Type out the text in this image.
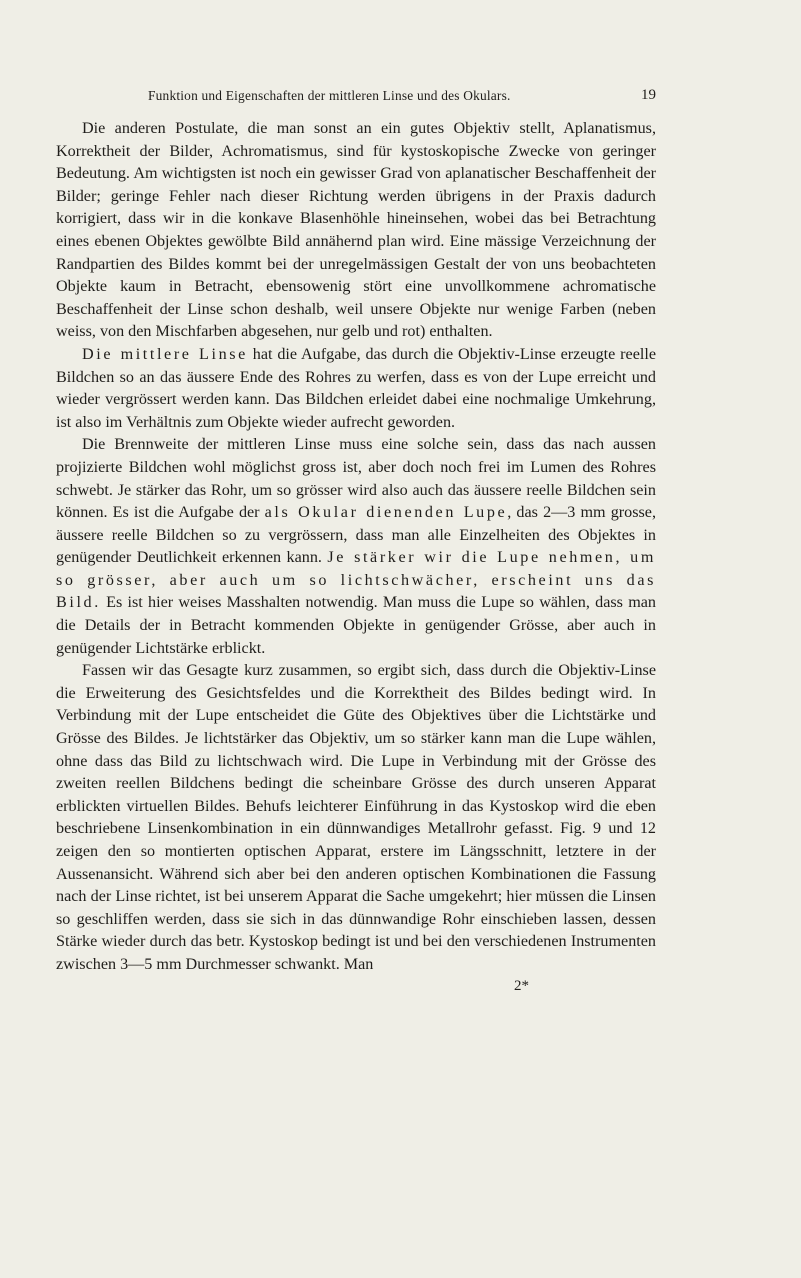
Funktion und Eigenschaften der mittleren Linse und des Okulars.	19

Die anderen Postulate, die man sonst an ein gutes Objektiv stellt, Aplanatismus, Korrektheit der Bilder, Achromatismus, sind für kystoskopische Zwecke von geringer Bedeutung. Am wichtigsten ist noch ein gewisser Grad von aplanatischer Beschaffenheit der Bilder; geringe Fehler nach dieser Richtung werden übrigens in der Praxis dadurch korrigiert, dass wir in die konkave Blasenhöhle hineinsehen, wobei das bei Betrachtung eines ebenen Objektes gewölbte Bild annähernd plan wird. Eine mässige Verzeichnung der Randpartien des Bildes kommt bei der unregelmässigen Gestalt der von uns beobachteten Objekte kaum in Betracht, ebensowenig stört eine unvollkommene achromatische Beschaffenheit der Linse schon deshalb, weil unsere Objekte nur wenige Farben (neben weiss, von den Mischfarben abgesehen, nur gelb und rot) enthalten.

Die mittlere Linse hat die Aufgabe, das durch die Objektiv-Linse erzeugte reelle Bildchen so an das äussere Ende des Rohres zu werfen, dass es von der Lupe erreicht und wieder vergrössert werden kann. Das Bildchen erleidet dabei eine nochmalige Umkehrung, ist also im Verhältnis zum Objekte wieder aufrecht geworden.

Die Brennweite der mittleren Linse muss eine solche sein, dass das nach aussen projizierte Bildchen wohl möglichst gross ist, aber doch noch frei im Lumen des Rohres schwebt. Je stärker das Rohr, um so grösser wird also auch das äussere reelle Bildchen sein können. Es ist die Aufgabe der als Okular dienenden Lupe, das 2—3 mm grosse, äussere reelle Bildchen so zu vergrössern, dass man alle Einzelheiten des Objektes in genügender Deutlichkeit erkennen kann. Je stärker wir die Lupe nehmen, um so grösser, aber auch um so lichtschwächer, erscheint uns das Bild. Es ist hier weises Masshalten notwendig. Man muss die Lupe so wählen, dass man die Details der in Betracht kommenden Objekte in genügender Grösse, aber auch in genügender Lichtstärke erblickt.

Fassen wir das Gesagte kurz zusammen, so ergibt sich, dass durch die Objektiv-Linse die Erweiterung des Gesichtsfeldes und die Korrektheit des Bildes bedingt wird. In Verbindung mit der Lupe entscheidet die Güte des Objektives über die Lichtstärke und Grösse des Bildes. Je lichtstärker das Objektiv, um so stärker kann man die Lupe wählen, ohne dass das Bild zu lichtschwach wird. Die Lupe in Verbindung mit der Grösse des zweiten reellen Bildchens bedingt die scheinbare Grösse des durch unseren Apparat erblickten virtuellen Bildes. Behufs leichterer Einführung in das Kystoskop wird die eben beschriebene Linsenkombination in ein dünnwandiges Metallrohr gefasst. Fig. 9 und 12 zeigen den so montierten optischen Apparat, erstere im Längsschnitt, letztere in der Aussenansicht. Während sich aber bei den anderen optischen Kombinationen die Fassung nach der Linse richtet, ist bei unserem Apparat die Sache umgekehrt; hier müssen die Linsen so geschliffen werden, dass sie sich in das dünnwandige Rohr einschieben lassen, dessen Stärke wieder durch das betr. Kystoskop bedingt ist und bei den verschiedenen Instrumenten zwischen 3—5 mm Durchmesser schwankt. Man

2*
